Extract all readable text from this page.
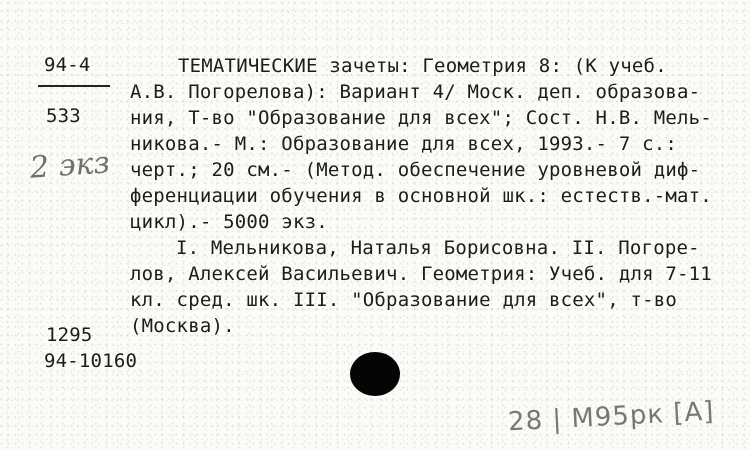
94-4
533
2 экз
1295
94-10160
ТЕМАТИЧЕСКИЕ зачеты: Геометрия 8: (К учеб.
А.В. Погорелова): Вариант 4/ Моск. деп. образова-
ния, Т-во "Образование для всех"; Сост. Н.В. Мель-
никова.- М.: Образование для всех, 1993.- 7 с.:
черт.; 20 см.- (Метод. обеспечение уровневой диф-
ференциации обучения в основной шк.: естеств.-мат.
цикл).- 5000 экз.
I. Мельникова, Наталья Борисовна. II. Погоре-
лов, Алексей Васильевич. Геометрия: Учеб. для 7-11
кл. сред. шк. III. "Образование для всех", т-во
(Москва).
28 | М95рк [А]
